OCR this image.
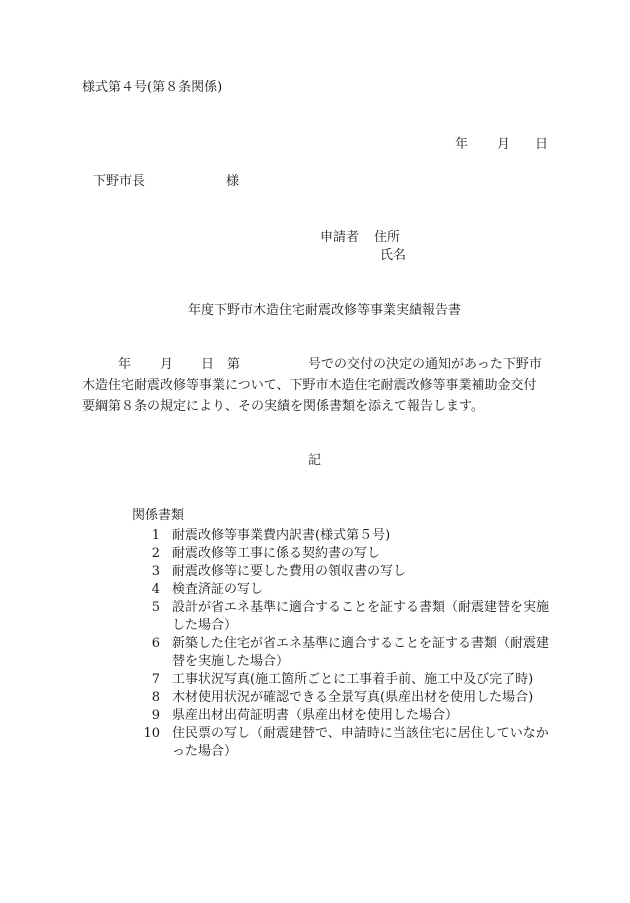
様式第４号(第８条関係)
年 月 日
下野市長	様
申請者 住所
氏名
年度下野市木造住宅耐震改修等事業実績報告書
年 月 日 第	号での交付の決定の通知があった下野市
木造住宅耐震改修等事業について、下野市木造住宅耐震改修等事業補助金交付
要綱第８条の規定により、その実績を関係書類を添えて報告します。
記
関係書類
1 耐震改修等事業費内訳書(様式第５号)
2 耐震改修等工事に係る契約書の写し
3 耐震改修等に要した費用の領収書の写し
4 検査済証の写し
5 設計が省エネ基準に適合することを証する書類（耐震建替を実施した場合）
6 新築した住宅が省エネ基準に適合することを証する書類（耐震建替を実施した場合）
7 工事状況写真(施工箇所ごとに工事着手前、施工中及び完了時)
8 木材使用状況が確認できる全景写真(県産出材を使用した場合)
9 県産出材出荷証明書（県産出材を使用した場合）
10 住民票の写し（耐震建替で、申請時に当該住宅に居住していなかった場合）
